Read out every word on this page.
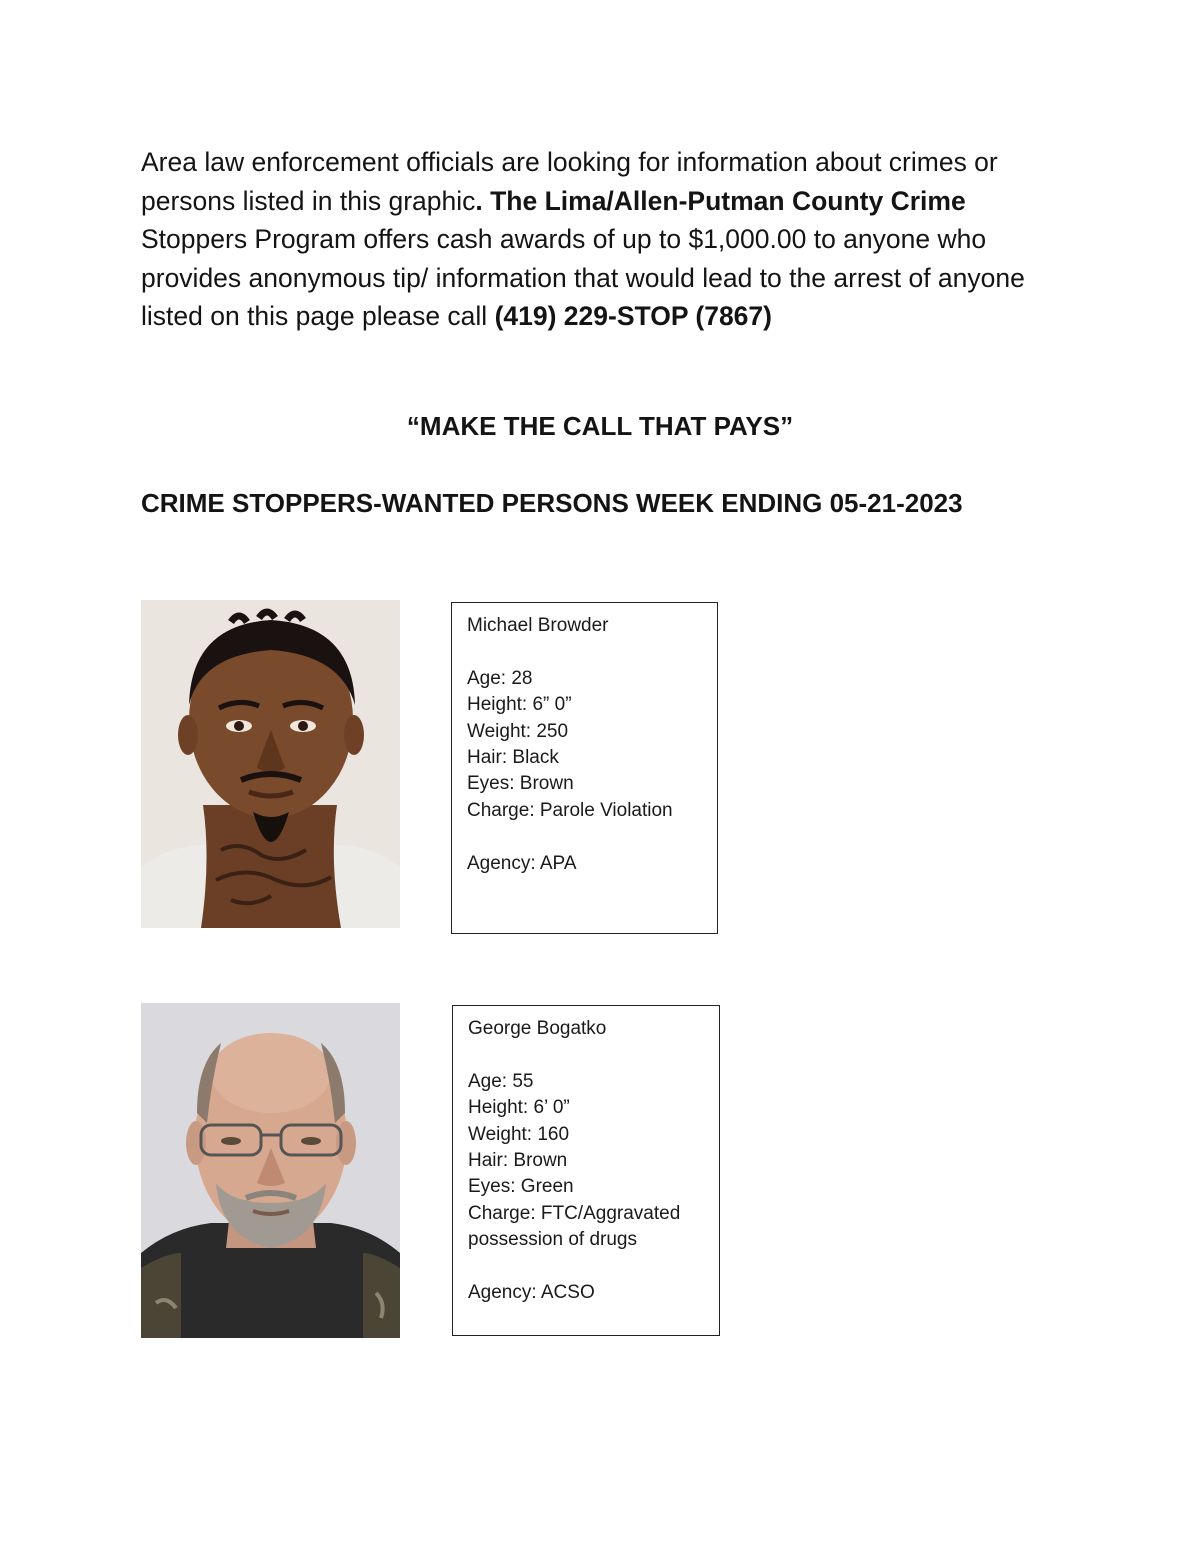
Area law enforcement officials are looking for information about crimes or persons listed in this graphic. The Lima/Allen-Putman County Crime Stoppers Program offers cash awards of up to $1,000.00 to anyone who provides anonymous tip/ information that would lead to the arrest of anyone listed on this page please call (419) 229-STOP (7867)
“MAKE THE CALL THAT PAYS”
CRIME STOPPERS-WANTED PERSONS WEEK ENDING 05-21-2023
Michael Browder
Age: 28
Height: 6” 0”
Weight: 250
Hair: Black
Eyes: Brown
Charge: Parole Violation
Agency: APA
George Bogatko
Age: 55
Height: 6’ 0”
Weight: 160
Hair: Brown
Eyes: Green
Charge: FTC/Aggravated
possession of drugs
Agency: ACSO
